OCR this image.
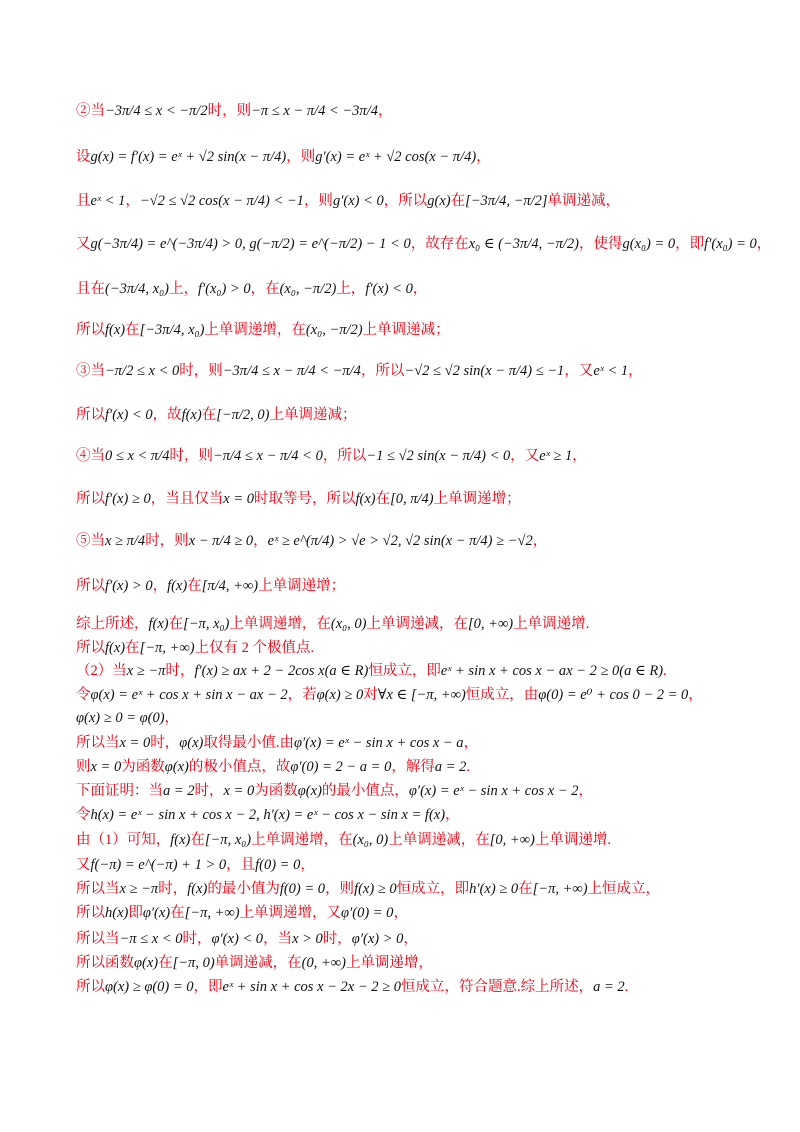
②当−3π/4 ≤ x < −π/2时，则−π ≤ x − π/4 < −3π/4，
设g(x) = f′(x) = eˣ + √2 sin(x − π/4)，则g′(x) = eˣ + √2 cos(x − π/4)，
且eˣ < 1，−√2 ≤ √2 cos(x − π/4) < −1，则g′(x) < 0，所以g(x)在[−3π/4, −π/2]单调递减，
又g(−3π/4) = e^(−3π/4) > 0, g(−π/2) = e^(−π/2) − 1 < 0，故存在x₀ ∈ (−3π/4, −π/2)，使得g(x₀) = 0，即f′(x₀) = 0，
且在(−3π/4, x₀)上，f′(x₀) > 0，在(x₀, −π/2)上，f′(x) < 0，
所以f(x)在[−3π/4, x₀)上单调递增，在(x₀, −π/2)上单调递减；
③当−π/2 ≤ x < 0时，则−3π/4 ≤ x − π/4 < −π/4，所以−√2 ≤ √2 sin(x − π/4) ≤ −1，又eˣ < 1，
所以f′(x) < 0，故f(x)在[−π/2, 0)上单调递减；
④当0 ≤ x < π/4时，则−π/4 ≤ x − π/4 < 0，所以−1 ≤ √2 sin(x − π/4) < 0，又eˣ ≥ 1，
所以f′(x) ≥ 0，当且仅当x = 0时取等号，所以f(x)在[0, π/4)上单调递增；
⑤当x ≥ π/4时，则x − π/4 ≥ 0，eˣ ≥ e^(π/4) > √e > √2, √2 sin(x − π/4) ≥ −√2，
所以f′(x) > 0，f(x)在[π/4, +∞)上单调递增；
综上所述，f(x)在[−π, x₀)上单调递增，在(x₀, 0)上单调递减，在[0, +∞)上单调递增.
所以f(x)在[−π, +∞)上仅有 2 个极值点.
（2）当x ≥ −π时，f′(x) ≥ ax + 2 − 2cos x(a ∈ R)恒成立，即eˣ + sin x + cos x − ax − 2 ≥ 0(a ∈ R).
令φ(x) = eˣ + cos x + sin x − ax − 2，若φ(x) ≥ 0对∀x ∈ [−π, +∞)恒成立，由φ(0) = e⁰ + cos 0 − 2 = 0，
φ(x) ≥ 0 = φ(0)，
所以当x = 0时，φ(x)取得最小值.由φ′(x) = eˣ − sin x + cos x − a，
则x = 0为函数φ(x)的极小值点，故φ′(0) = 2 − a = 0，解得a = 2.
下面证明：当a = 2时，x = 0为函数φ(x)的最小值点，φ′(x) = eˣ − sin x + cos x − 2，
令h(x) = eˣ − sin x + cos x − 2, h′(x) = eˣ − cos x − sin x = f(x)，
由（1）可知，f(x)在[−π, x₀)上单调递增，在(x₀, 0)上单调递减，在[0, +∞)上单调递增.
又f(−π) = e^(−π) + 1 > 0，且f(0) = 0，
所以当x ≥ −π时，f(x)的最小值为f(0) = 0，则f(x) ≥ 0恒成立，即h′(x) ≥ 0在[−π, +∞)上恒成立，
所以h(x)即φ′(x)在[−π, +∞)上单调递增，又φ′(0) = 0，
所以当−π ≤ x < 0时，φ′(x) < 0，当x > 0时，φ′(x) > 0，
所以函数φ(x)在[−π, 0)单调递减，在(0, +∞)上单调递增，
所以φ(x) ≥ φ(0) = 0，即eˣ + sin x + cos x − 2x − 2 ≥ 0恒成立，符合题意.综上所述，a = 2.
